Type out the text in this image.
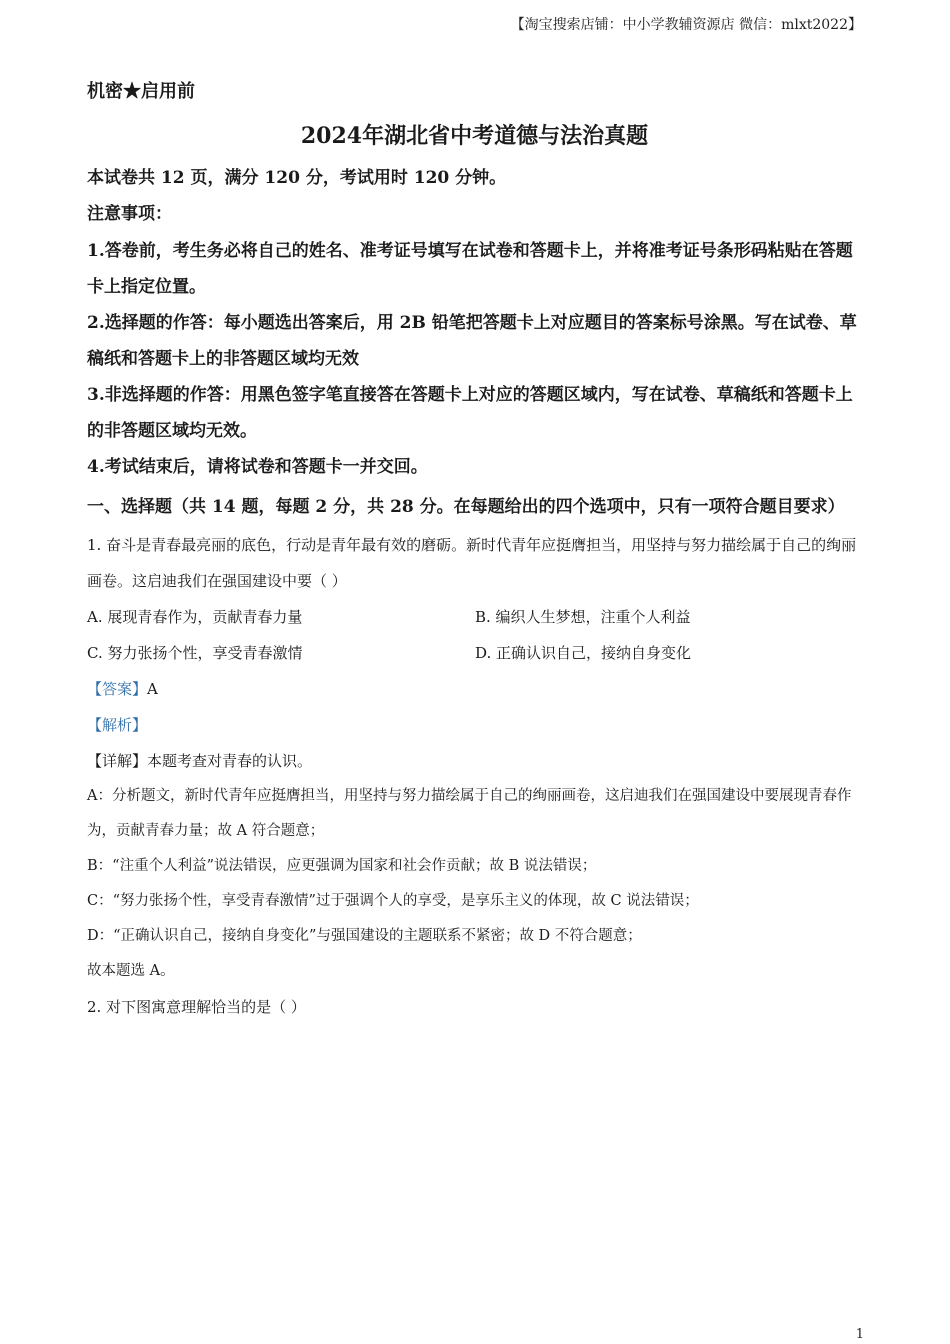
【淘宝搜索店铺：中小学教辅资源店 微信：mlxt2022】

机密★启用前

2024年湖北省中考道德与法治真题

本试卷共 12 页，满分 120 分，考试用时 120 分钟。

注意事项：

1.答卷前，考生务必将自己的姓名、准考证号填写在试卷和答题卡上，并将准考证号条形码粘贴在答题卡上指定位置。

2.选择题的作答：每小题选出答案后，用 2B 铅笔把答题卡上对应题目的答案标号涂黑。写在试卷、草稿纸和答题卡上的非答题区域均无效

3.非选择题的作答：用黑色签字笔直接答在答题卡上对应的答题区域内，写在试卷、草稿纸和答题卡上的非答题区域均无效。

4.考试结束后，请将试卷和答题卡一并交回。

一、选择题（共 14 题，每题 2 分，共 28 分。在每题给出的四个选项中，只有一项符合题目要求）

1. 奋斗是青春最亮丽的底色，行动是青年最有效的磨砺。新时代青年应挺膺担当，用坚持与努力描绘属于自己的绚丽画卷。这启迪我们在强国建设中要（ ）

A. 展现青春作为，贡献青春力量	B. 编织人生梦想，注重个人利益
C. 努力张扬个性，享受青春激情	D. 正确认识自己，接纳自身变化

【答案】A

【解析】

【详解】本题考查对青春的认识。

A：分析题文，新时代青年应挺膺担当，用坚持与努力描绘属于自己的绚丽画卷，这启迪我们在强国建设中要展现青春作为，贡献青春力量；故 A 符合题意；

B：“注重个人利益”说法错误，应更强调为国家和社会作贡献；故 B 说法错误；

C：“努力张扬个性，享受青春激情”过于强调个人的享受，是享乐主义的体现，故 C 说法错误；

D：“正确认识自己，接纳自身变化”与强国建设的主题联系不紧密；故 D 不符合题意；

故本题选 A。

2. 对下图寓意理解恰当的是（ ）

1
